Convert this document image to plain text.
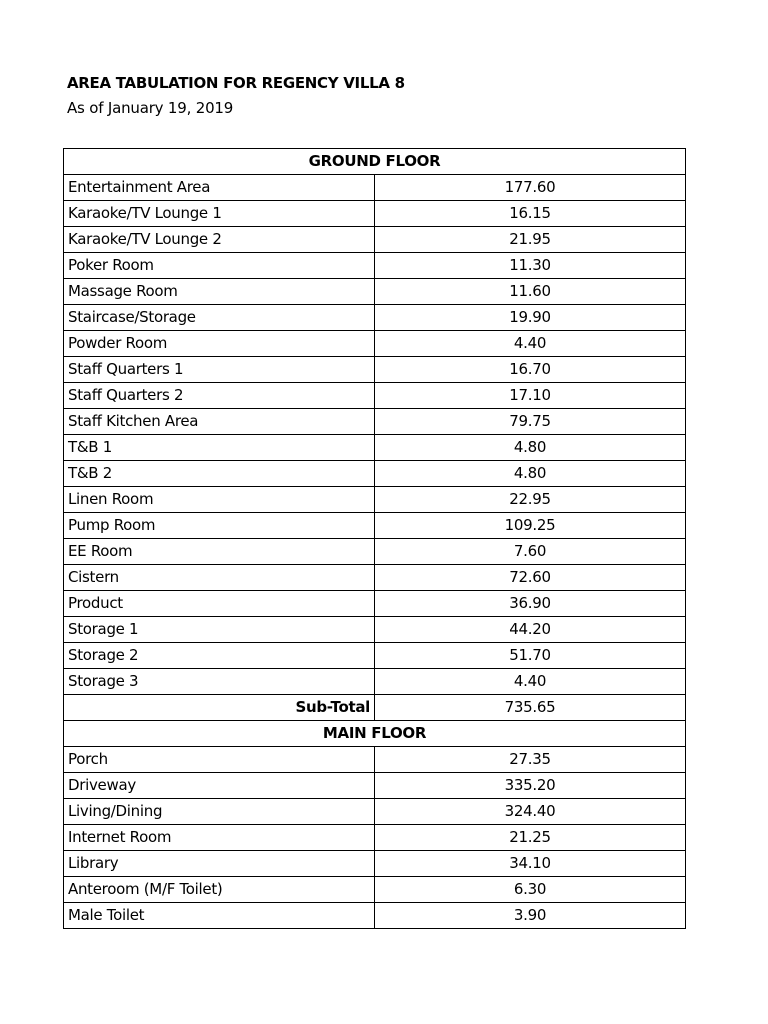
AREA TABULATION FOR REGENCY VILLA 8
As of January 19, 2019
GROUND FLOOR	
Entertainment Area	177.60
Karaoke/TV Lounge 1	16.15
Karaoke/TV Lounge 2	21.95
Poker Room	11.30
Massage Room	11.60
Staircase/Storage	19.90
Powder Room	4.40
Staff Quarters 1	16.70
Staff Quarters 2	17.10
Staff Kitchen Area	79.75
T&B 1	4.80
T&B 2	4.80
Linen Room	22.95
Pump Room	109.25
EE Room	7.60
Cistern	72.60
Product	36.90
Storage 1	44.20
Storage 2	51.70
Storage 3	4.40
Sub-Total	735.65
MAIN FLOOR	
Porch	27.35
Driveway	335.20
Living/Dining	324.40
Internet Room	21.25
Library	34.10
Anteroom (M/F Toilet)	6.30
Male Toilet	3.90
